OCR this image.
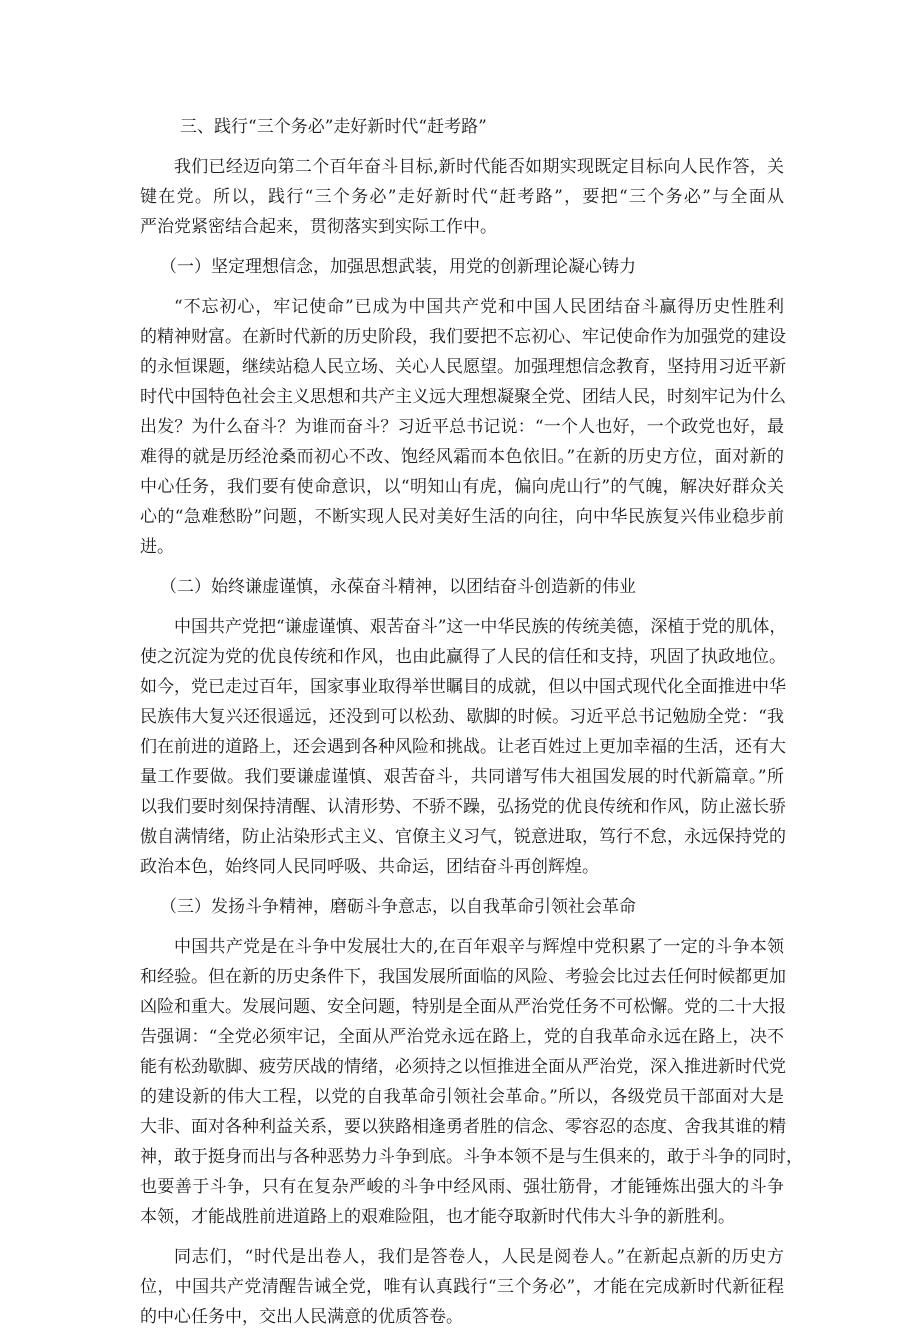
三、践行“三个务必”走好新时代“赶考路”

我们已经迈向第二个百年奋斗目标,新时代能否如期实现既定目标向人民作答，关

键在党。所以，践行“三个务必”走好新时代“赶考路”，要把“三个务必”与全面从

严治党紧密结合起来，贯彻落实到实际工作中。

（一）坚定理想信念，加强思想武装，用党的创新理论凝心铸力

“不忘初心，牢记使命”已成为中国共产党和中国人民团结奋斗赢得历史性胜利

的精神财富。在新时代新的历史阶段，我们要把不忘初心、牢记使命作为加强党的建设

的永恒课题，继续站稳人民立场、关心人民愿望。加强理想信念教育，坚持用习近平新

时代中国特色社会主义思想和共产主义远大理想凝聚全党、团结人民，时刻牢记为什么

出发？为什么奋斗？为谁而奋斗？习近平总书记说：“一个人也好，一个政党也好，最

难得的就是历经沧桑而初心不改、饱经风霜而本色依旧。”在新的历史方位，面对新的

中心任务，我们要有使命意识，以“明知山有虎，偏向虎山行”的气魄，解决好群众关

心的“急难愁盼”问题，不断实现人民对美好生活的向往，向中华民族复兴伟业稳步前

进。

（二）始终谦虚谨慎，永葆奋斗精神，以团结奋斗创造新的伟业

中国共产党把“谦虚谨慎、艰苦奋斗”这一中华民族的传统美德，深植于党的肌体，

使之沉淀为党的优良传统和作风，也由此赢得了人民的信任和支持，巩固了执政地位。

如今，党已走过百年，国家事业取得举世瞩目的成就，但以中国式现代化全面推进中华

民族伟大复兴还很遥远，还没到可以松劲、歇脚的时候。习近平总书记勉励全党：“我

们在前进的道路上，还会遇到各种风险和挑战。让老百姓过上更加幸福的生活，还有大

量工作要做。我们要谦虚谨慎、艰苦奋斗，共同谱写伟大祖国发展的时代新篇章。”所

以我们要时刻保持清醒、认清形势、不骄不躁，弘扬党的优良传统和作风，防止滋长骄

傲自满情绪，防止沾染形式主义、官僚主义习气，锐意进取，笃行不怠，永远保持党的

政治本色，始终同人民同呼吸、共命运，团结奋斗再创辉煌。

（三）发扬斗争精神，磨砺斗争意志，以自我革命引领社会革命

中国共产党是在斗争中发展壮大的,在百年艰辛与辉煌中党积累了一定的斗争本领

和经验。但在新的历史条件下，我国发展所面临的风险、考验会比过去任何时候都更加

凶险和重大。发展问题、安全问题，特别是全面从严治党任务不可松懈。党的二十大报

告强调：“全党必须牢记，全面从严治党永远在路上，党的自我革命永远在路上，决不

能有松劲歇脚、疲劳厌战的情绪，必须持之以恒推进全面从严治党，深入推进新时代党

的建设新的伟大工程，以党的自我革命引领社会革命。”所以，各级党员干部面对大是

大非、面对各种利益关系，要以狭路相逢勇者胜的信念、零容忍的态度、舍我其谁的精

神，敢于挺身而出与各种恶势力斗争到底。斗争本领不是与生俱来的，敢于斗争的同时，

也要善于斗争，只有在复杂严峻的斗争中经风雨、强壮筋骨，才能锤炼出强大的斗争

本领，才能战胜前进道路上的艰难险阻，也才能夺取新时代伟大斗争的新胜利。

同志们，“时代是出卷人，我们是答卷人，人民是阅卷人。”在新起点新的历史方

位，中国共产党清醒告诫全党，唯有认真践行“三个务必”，才能在完成新时代新征程

的中心任务中，交出人民满意的优质答卷。
